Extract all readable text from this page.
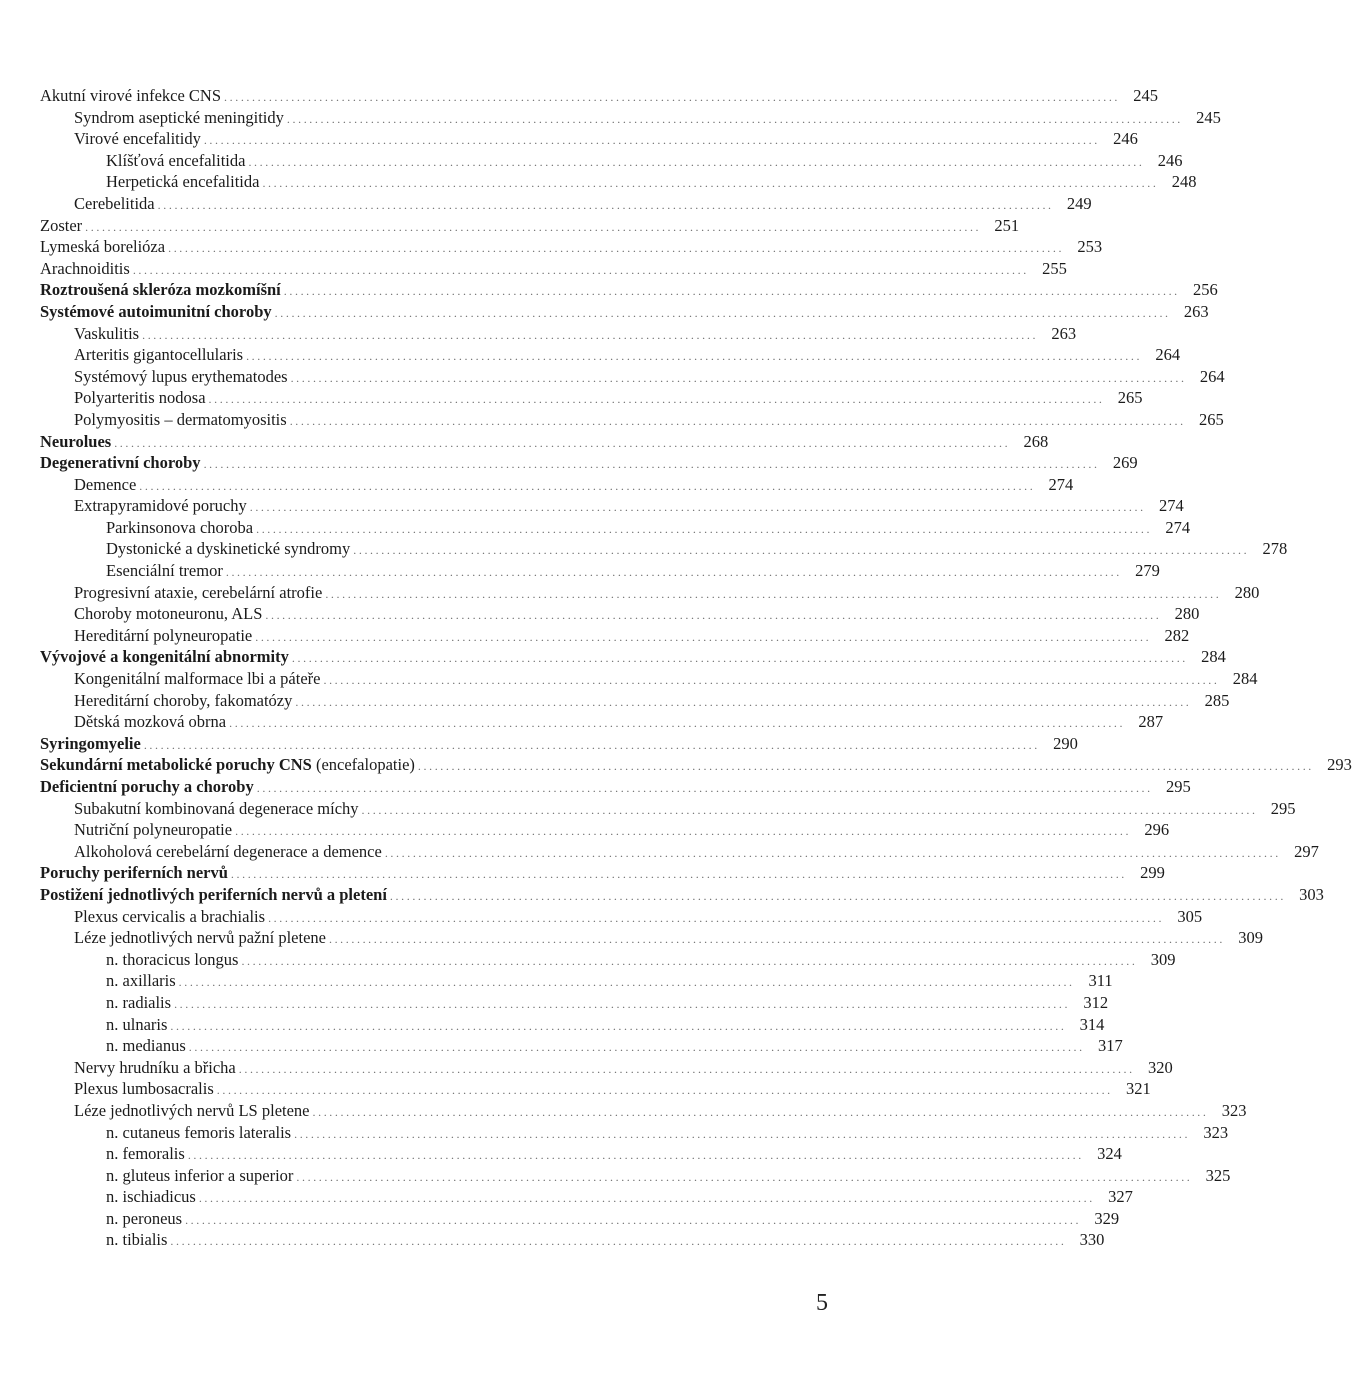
Akutní virové infekce CNS ................................................................................................................................................................ 245
Syndrom aseptické meningitidy ................................................................................................................................................................ 245
Virové encefalitidy ................................................................................................................................................................ 246
Klíšťová encefalitida ................................................................................................................................................................ 246
Herpetická encefalitida ................................................................................................................................................................ 248
Cerebelitida ................................................................................................................................................................ 249
Zoster ................................................................................................................................................................ 251
Lymeská borelióza ................................................................................................................................................................ 253
Arachnoiditis ................................................................................................................................................................ 255
Roztroušená skleróza mozkomíšní ................................................................................................................................................................ 256
Systémové autoimunitní choroby ................................................................................................................................................................ 263
Vaskulitis ................................................................................................................................................................ 263
Arteritis gigantocellularis ................................................................................................................................................................ 264
Systémový lupus erythematodes ................................................................................................................................................................ 264
Polyarteritis nodosa ................................................................................................................................................................ 265
Polymyositis – dermatomyositis ................................................................................................................................................................ 265
Neurolues ................................................................................................................................................................ 268
Degenerativní choroby ................................................................................................................................................................ 269
Demence ................................................................................................................................................................ 274
Extrapyramidové poruchy ................................................................................................................................................................ 274
Parkinsonova choroba ................................................................................................................................................................ 274
Dystonické a dyskinetické syndromy ................................................................................................................................................................ 278
Esenciální tremor ................................................................................................................................................................ 279
Progresivní ataxie, cerebelární atrofie ................................................................................................................................................................ 280
Choroby motoneuronu, ALS ................................................................................................................................................................ 280
Hereditární polyneuropatie ................................................................................................................................................................ 282
Vývojové a kongenitální abnormity ................................................................................................................................................................ 284
Kongenitální malformace lbi a páteře ................................................................................................................................................................ 284
Hereditární choroby, fakomatózy ................................................................................................................................................................ 285
Dětská mozková obrna ................................................................................................................................................................ 287
Syringomyelie ................................................................................................................................................................ 290
Sekundární metabolické poruchy CNS (encefalopatie) ................................................................................................................................................................ 293
Deficientní poruchy a choroby ................................................................................................................................................................ 295
Subakutní kombinovaná degenerace míchy ................................................................................................................................................................ 295
Nutriční polyneuropatie ................................................................................................................................................................ 296
Alkoholová cerebelární degenerace a demence ................................................................................................................................................................ 297
Poruchy periferních nervů ................................................................................................................................................................ 299
Postižení jednotlivých periferních nervů a pletení ................................................................................................................................................................ 303
Plexus cervicalis a brachialis ................................................................................................................................................................ 305
Léze jednotlivých nervů pažní pletene ................................................................................................................................................................ 309
n. thoracicus longus ................................................................................................................................................................ 309
n. axillaris ................................................................................................................................................................ 311
n. radialis ................................................................................................................................................................ 312
n. ulnaris ................................................................................................................................................................ 314
n. medianus ................................................................................................................................................................ 317
Nervy hrudníku a břicha ................................................................................................................................................................ 320
Plexus lumbosacralis ................................................................................................................................................................ 321
Léze jednotlivých nervů LS pletene ................................................................................................................................................................ 323
n. cutaneus femoris lateralis ................................................................................................................................................................ 323
n. femoralis ................................................................................................................................................................ 324
n. gluteus inferior a superior ................................................................................................................................................................ 325
n. ischiadicus ................................................................................................................................................................ 327
n. peroneus ................................................................................................................................................................ 329
n. tibialis ................................................................................................................................................................ 330
5
